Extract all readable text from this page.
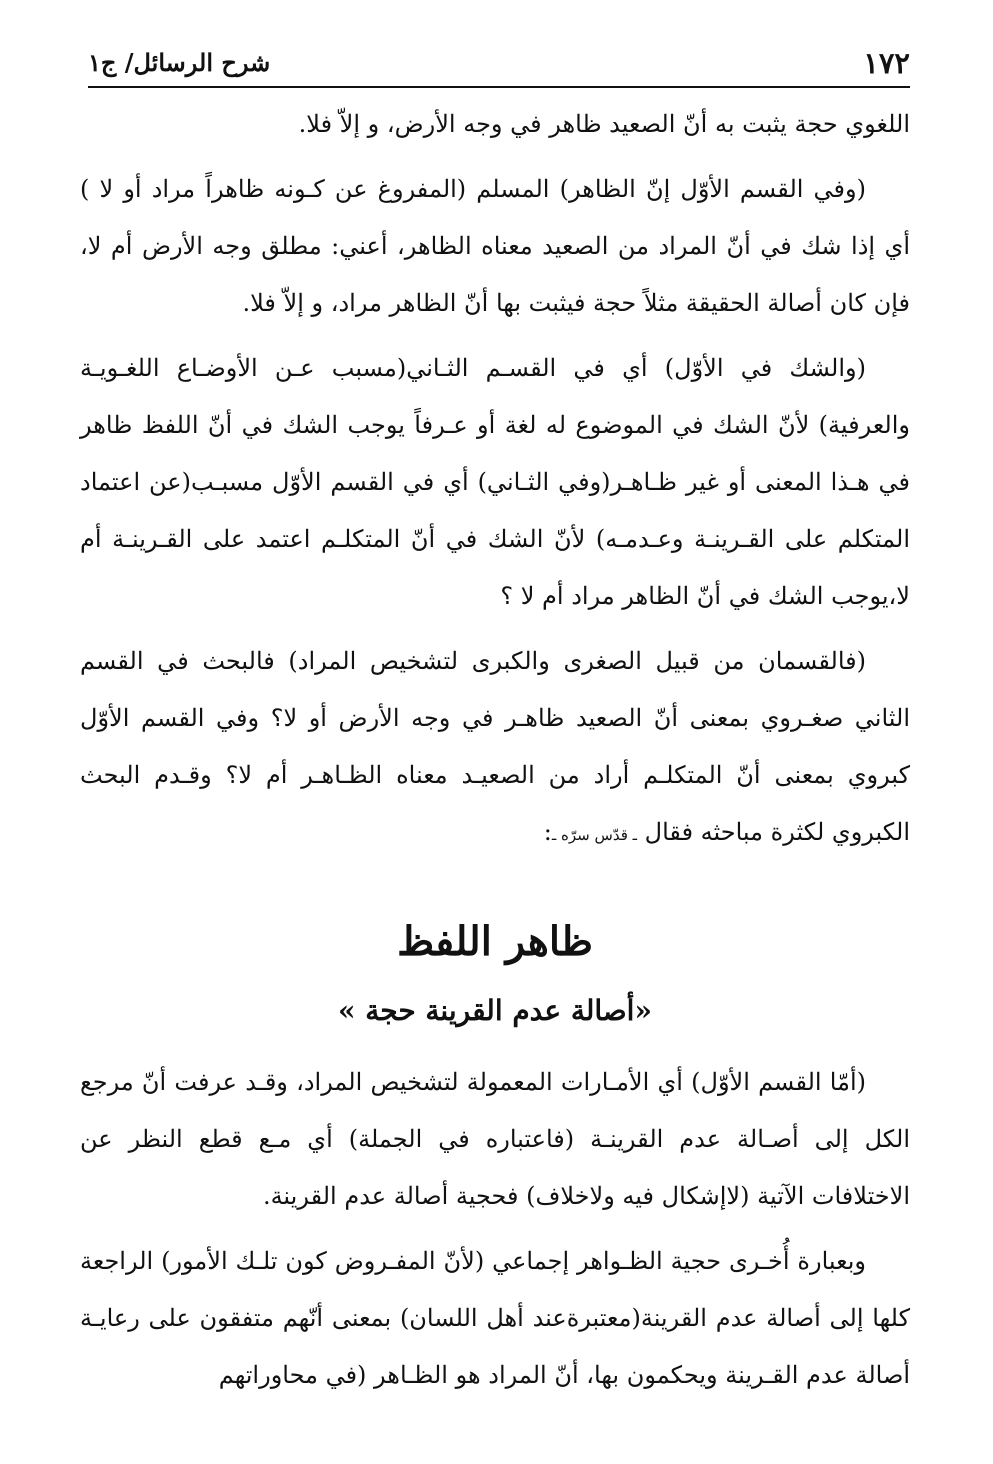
١٧٢
شرح الرسائل/ ج١

اللغوي حجة يثبت به أنّ الصعيد ظاهر في وجه الأرض، و إلاّ فلا.

(وفي القسم الأوّل إنّ الظاهر) المسلم (المفروغ عن كـونه ظاهراً مراد أو لا ) أي إذا شك في أنّ المراد من الصعيد معناه الظاهر، أعني: مطلق وجه الأرض أم لا، فإن كان أصالة الحقيقة مثلاً حجة فيثبت بها أنّ الظاهر مراد، و إلاّ فلا.

(والشك في الأوّل) أي في القسـم الثـاني(مسبب عـن الأوضـاع اللغـويـة والعرفية) لأنّ الشك في الموضوع له لغة أو عـرفاً يوجب الشك في أنّ اللفظ ظاهر في هـذا المعنى أو غير ظـاهـر(وفي الثـاني) أي في القسم الأوّل مسبـب(عن اعتماد المتكلم على القـرينـة وعـدمـه) لأنّ الشك في أنّ المتكلـم اعتمد على القـرينـة أم لا،يوجب الشك في أنّ الظاهر مراد أم لا ؟

(فالقسمان من قبيل الصغرى والكبرى لتشخيص المراد) فالبحث في القسم الثاني صغـروي بمعنى أنّ الصعيد ظاهـر في وجه الأرض أو لا؟ وفي القسم الأوّل كبروي بمعنى أنّ المتكلـم أراد من الصعيـد معناه الظـاهـر أم لا؟ وقـدم البحث الكبروي لكثرة مباحثه فقال ـ قدّس سرّه ـ:

ظاهر اللفظ
«أصالة عدم القرينة حجة »

(أمّا القسم الأوّل) أي الأمـارات المعمولة لتشخيص المراد، وقـد عرفت أنّ مرجع الكل إلى أصـالة عدم القرينـة (فاعتباره في الجملة) أي مـع قطع النظر عن الاختلافات الآتية (لاإشكال فيه ولاخلاف) فحجية أصالة عدم القرينة.

وبعبارة أُخـرى حجية الظـواهر إجماعي (لأنّ المفـروض كون تلـك الأمور) الراجعة كلها إلى أصالة عدم القرينة(معتبرةعند أهل اللسان) بمعنى أنّهم متفقون على رعايـة أصالة عدم القـرينة ويحكمون بها، أنّ المراد هو الظـاهر (في محاوراتهم
